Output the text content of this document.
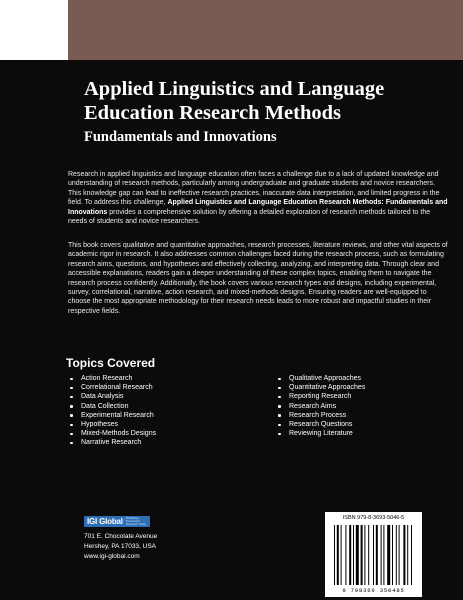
Applied Linguistics and Language Education Research Methods
Fundamentals and Innovations

Research in applied linguistics and language education often faces a challenge due to a lack of updated knowledge and understanding of research methods, particularly among undergraduate and graduate students and novice researchers. This knowledge gap can lead to ineffective research practices, inaccurate data interpretation, and limited progress in the field. To address this challenge, Applied Linguistics and Language Education Research Methods: Fundamentals and Innovations provides a comprehensive solution by offering a detailed exploration of research methods tailored to the needs of students and novice researchers.

This book covers qualitative and quantitative approaches, research processes, literature reviews, and other vital aspects of academic rigor in research. It also addresses common challenges faced during the research process, such as formulating research aims, questions, and hypotheses and effectively collecting, analyzing, and interpreting data. Through clear and accessible explanations, readers gain a deeper understanding of these complex topics, enabling them to navigate the research process confidently. Additionally, the book covers various research types and designs, including experimental, survey, correlational, narrative, action research, and mixed-methods designs. Ensuring readers are well-equipped to choose the most appropriate methodology for their research needs leads to more robust and impactful studies in their respective fields.

Topics Covered
Action Research
Correlational Research
Data Analysis
Data Collection
Experimental Research
Hypotheses
Mixed-Methods Designs
Narrative Research
Qualitative Approaches
Quantitative Approaches
Reporting Research
Research Aims
Research Process
Research Questions
Reviewing Literature
IGI Global Publishing Tomorrow's Research Today
701 E. Chocolate Avenue
Hershey, PA 17033, USA
www.igi-global.com

ISBN 979-8-3693-5046-5

9 798369 350485
